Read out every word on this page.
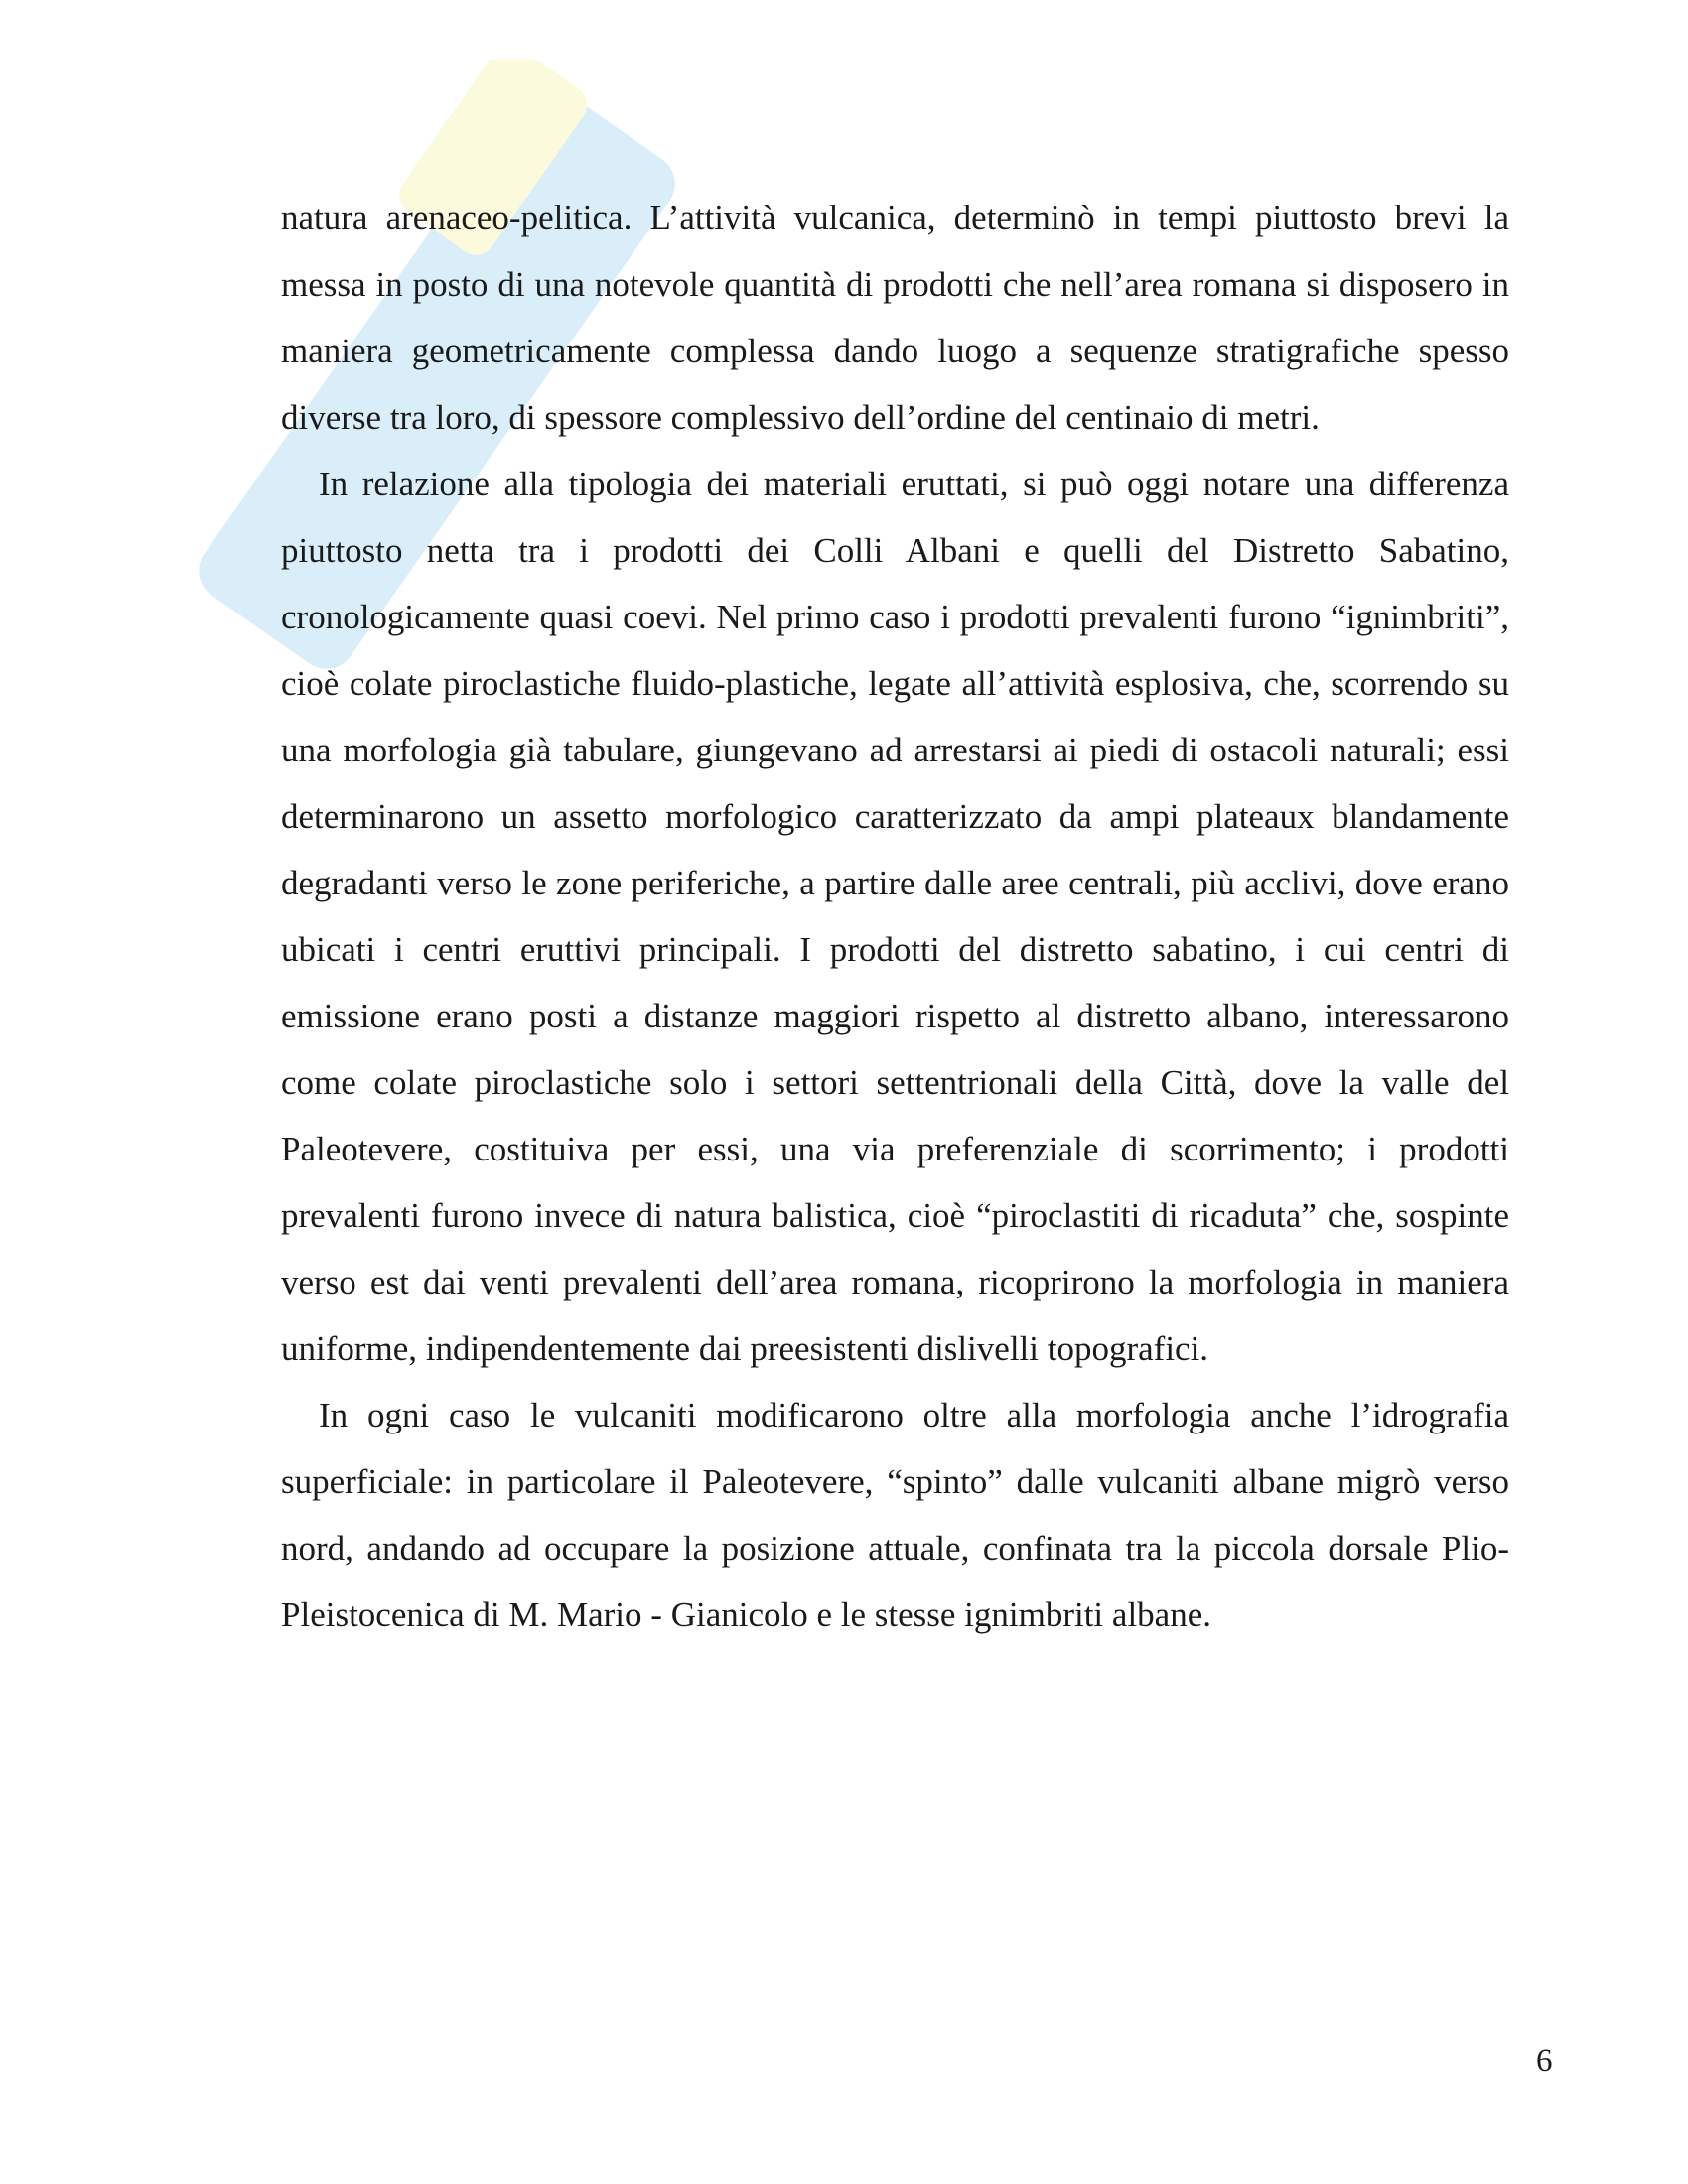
natura arenaceo-pelitica. L’attività vulcanica, determinò in tempi piuttosto brevi la messa in posto di una notevole quantità di prodotti che nell’area romana si disposero in maniera geometricamente complessa dando luogo a sequenze stratigrafiche spesso diverse tra loro, di spessore complessivo dell’ordine del centinaio di metri.

In relazione alla tipologia dei materiali eruttati, si può oggi notare una differenza piuttosto netta tra i prodotti dei Colli Albani e quelli del Distretto Sabatino, cronologicamente quasi coevi. Nel primo caso i prodotti prevalenti furono “ignimbriti”, cioè colate piroclastiche fluido-plastiche, legate all’attività esplosiva, che, scorrendo su una morfologia già tabulare, giungevano ad arrestarsi ai piedi di ostacoli naturali; essi determinarono un assetto morfologico caratterizzato da ampi plateaux blandamente degradanti verso le zone periferiche, a partire dalle aree centrali, più acclivi, dove erano ubicati i centri eruttivi principali. I prodotti del distretto sabatino, i cui centri di emissione erano posti a distanze maggiori rispetto al distretto albano, interessarono come colate piroclastiche solo i settori settentrionali della Città, dove la valle del Paleotevere, costituiva per essi, una via preferenziale di scorrimento; i prodotti prevalenti furono invece di natura balistica, cioè “piroclastiti di ricaduta” che, sospinte verso est dai venti prevalenti dell’area romana, ricoprirono la morfologia in maniera uniforme, indipendentemente dai preesistenti dislivelli topografici.

In ogni caso le vulcaniti modificarono oltre alla morfologia anche l’idrografia superficiale: in particolare il Paleotevere, “spinto” dalle vulcaniti albane migrò verso nord, andando ad occupare la posizione attuale, confinata tra la piccola dorsale Plio-Pleistocenica di M. Mario - Gianicolo e le stesse ignimbriti albane.

6
